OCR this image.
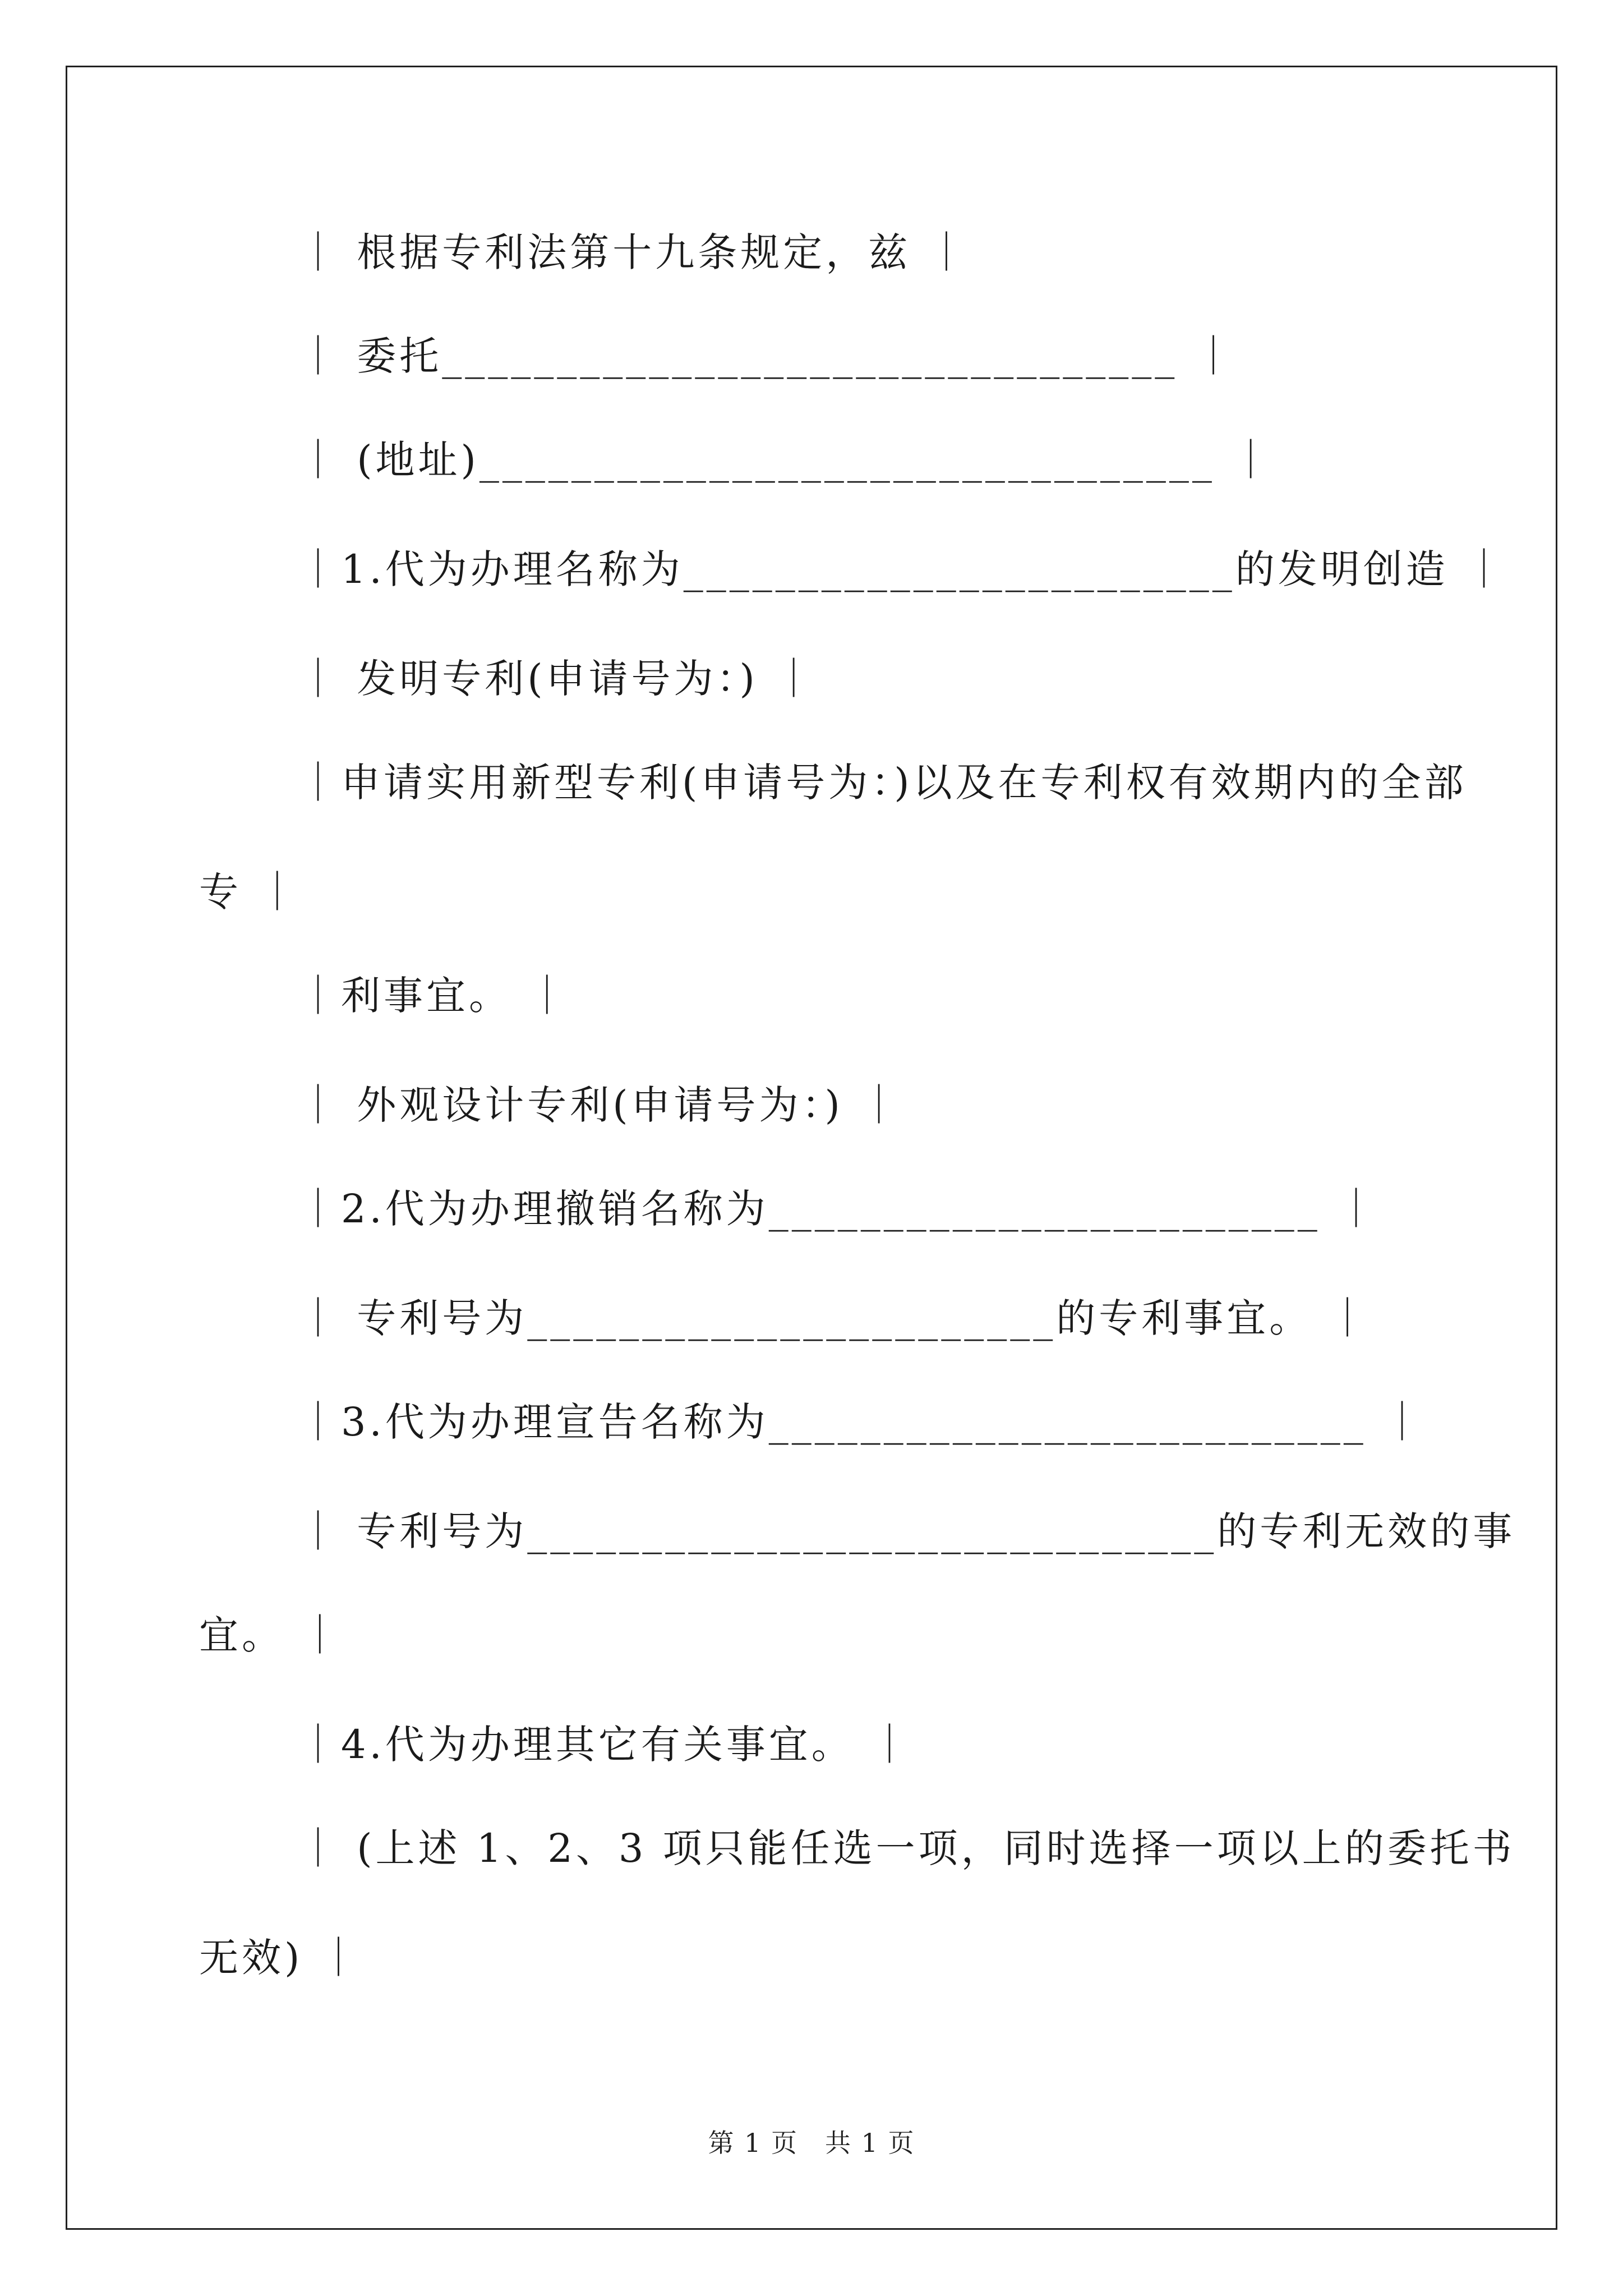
｜ 根据专利法第十九条规定，兹 ｜
｜ 委托________________________________ ｜
｜ (地址)________________________________ ｜
｜1.代为办理名称为________________________的发明创造 ｜
｜ 发明专利(申请号为：) ｜
｜申请实用新型专利(申请号为：)以及在专利权有效期内的全部
专 ｜
｜利事宜。 ｜
｜ 外观设计专利(申请号为：) ｜
｜2.代为办理撤销名称为________________________ ｜
｜ 专利号为_______________________的专利事宜。 ｜
｜3.代为办理宣告名称为__________________________ ｜
｜ 专利号为______________________________的专利无效的事
宜。 ｜
｜4.代为办理其它有关事宜。 ｜
｜ (上述 1、2、3 项只能任选一项，同时选择一项以上的委托书
无效) ｜
第 1 页　共 1 页
